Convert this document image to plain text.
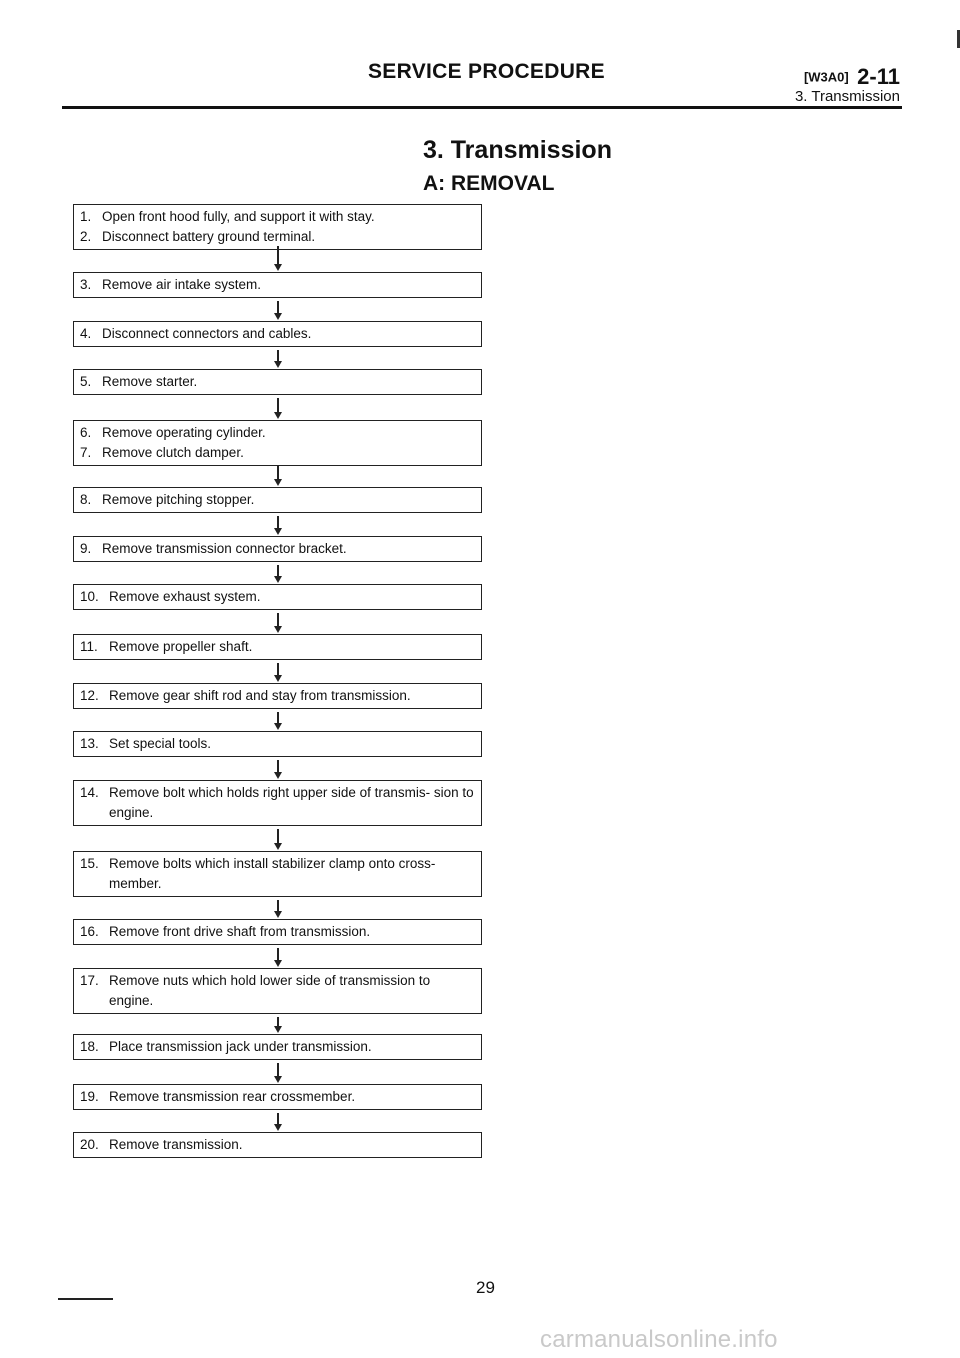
SERVICE PROCEDURE	[W3A0] 2-11
3. Transmission
3. Transmission
A: REMOVAL
1. Open front hood fully, and support it with stay.
2. Disconnect battery ground terminal.
3. Remove air intake system.
4. Disconnect connectors and cables.
5. Remove starter.
6. Remove operating cylinder.
7. Remove clutch damper.
8. Remove pitching stopper.
9. Remove transmission connector bracket.
10. Remove exhaust system.
11. Remove propeller shaft.
12. Remove gear shift rod and stay from transmission.
13. Set special tools.
14. Remove bolt which holds right upper side of transmis- sion to engine.
15. Remove bolts which install stabilizer clamp onto cross- member.
16. Remove front drive shaft from transmission.
17. Remove nuts which hold lower side of transmission to engine.
18. Place transmission jack under transmission.
19. Remove transmission rear crossmember.
20. Remove transmission.
29
carmanualsonline.info
